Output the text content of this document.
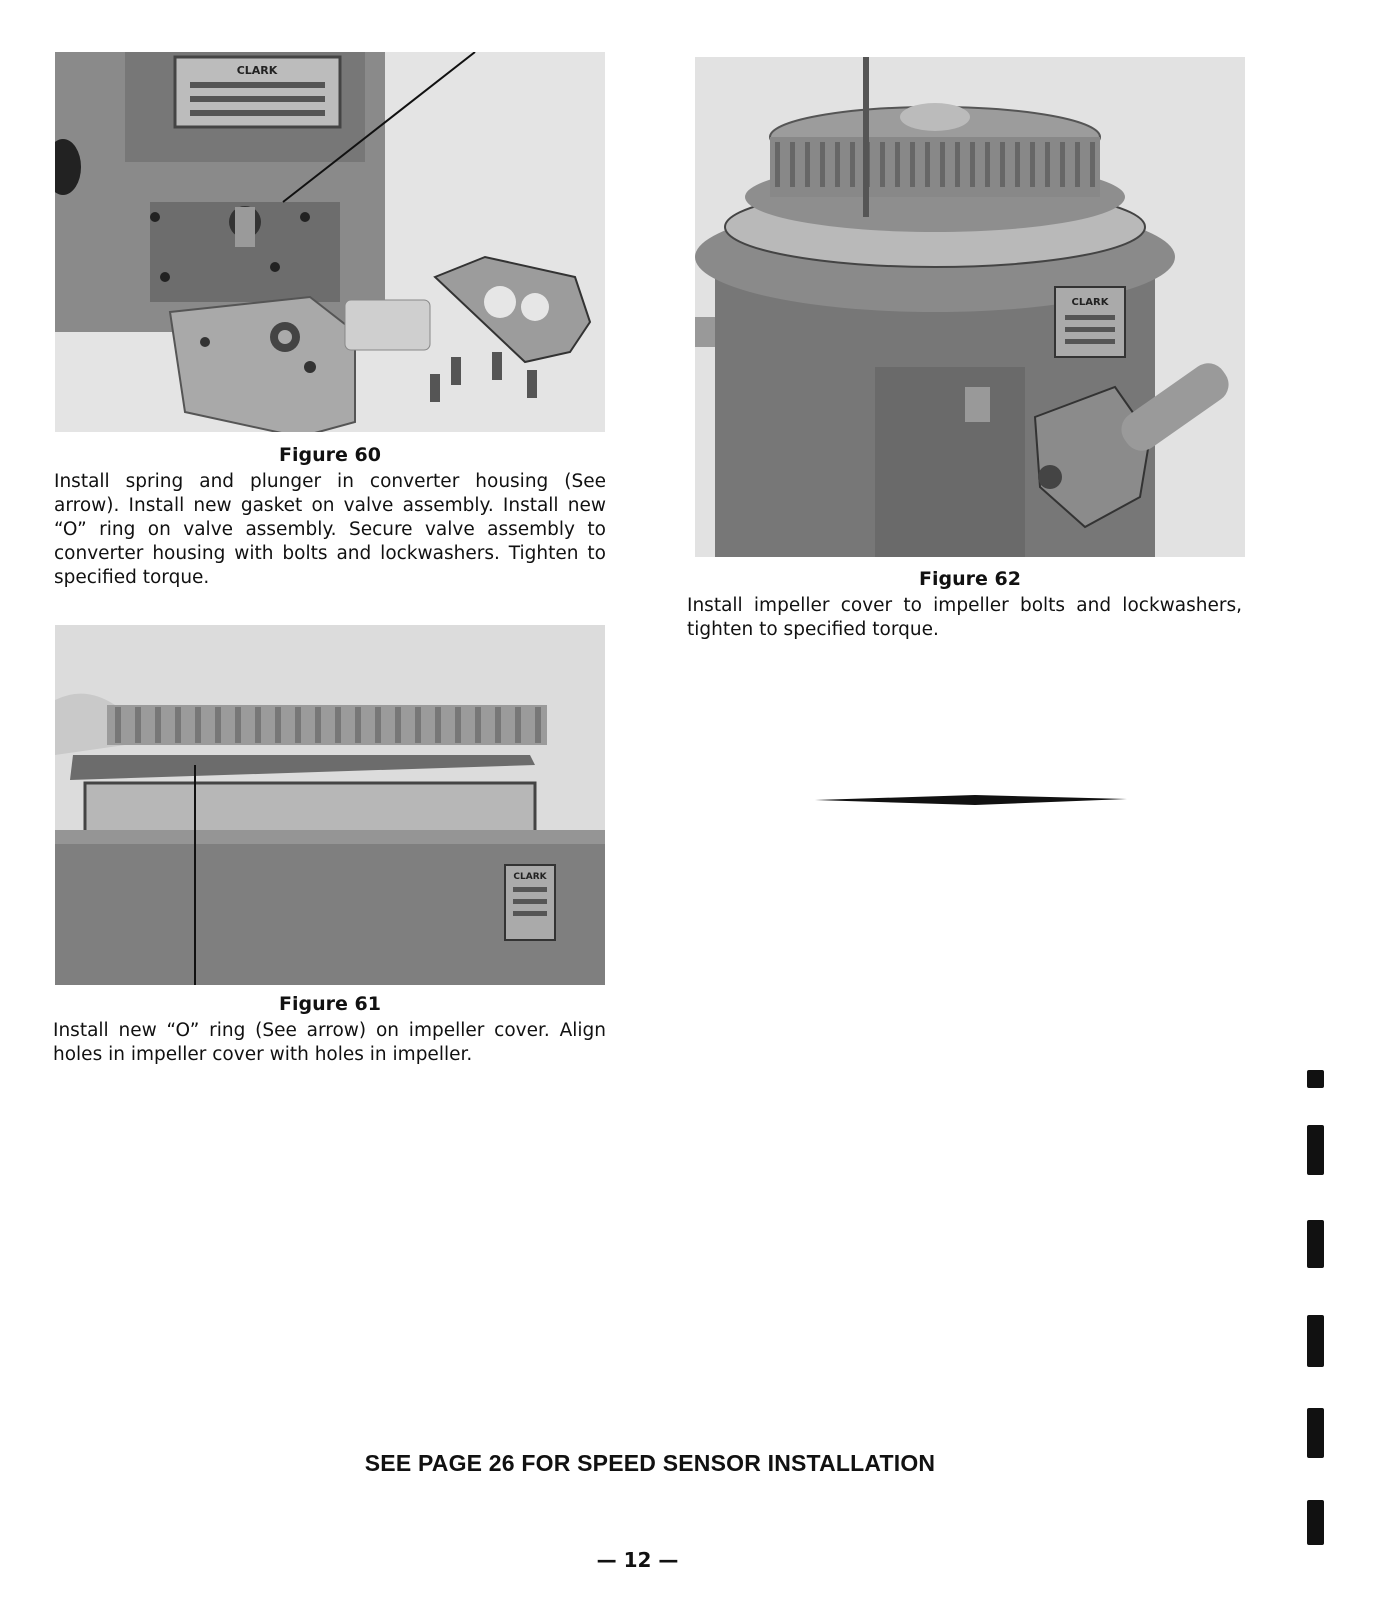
CLARK
Figure 60
Install spring and plunger in converter housing (See arrow). Install new gasket on valve assembly. Install new “O” ring on valve assembly. Secure valve assembly to converter housing with bolts and lockwashers. Tighten to specified torque.
CLARK
Figure 61
Install new “O” ring (See arrow) on impeller cover. Align holes in impeller cover with holes in impeller.
CLARK
Figure 62
Install impeller cover to impeller bolts and lockwashers, tighten to specified torque.
SEE PAGE 26 FOR SPEED SENSOR INSTALLATION
— 12 —
